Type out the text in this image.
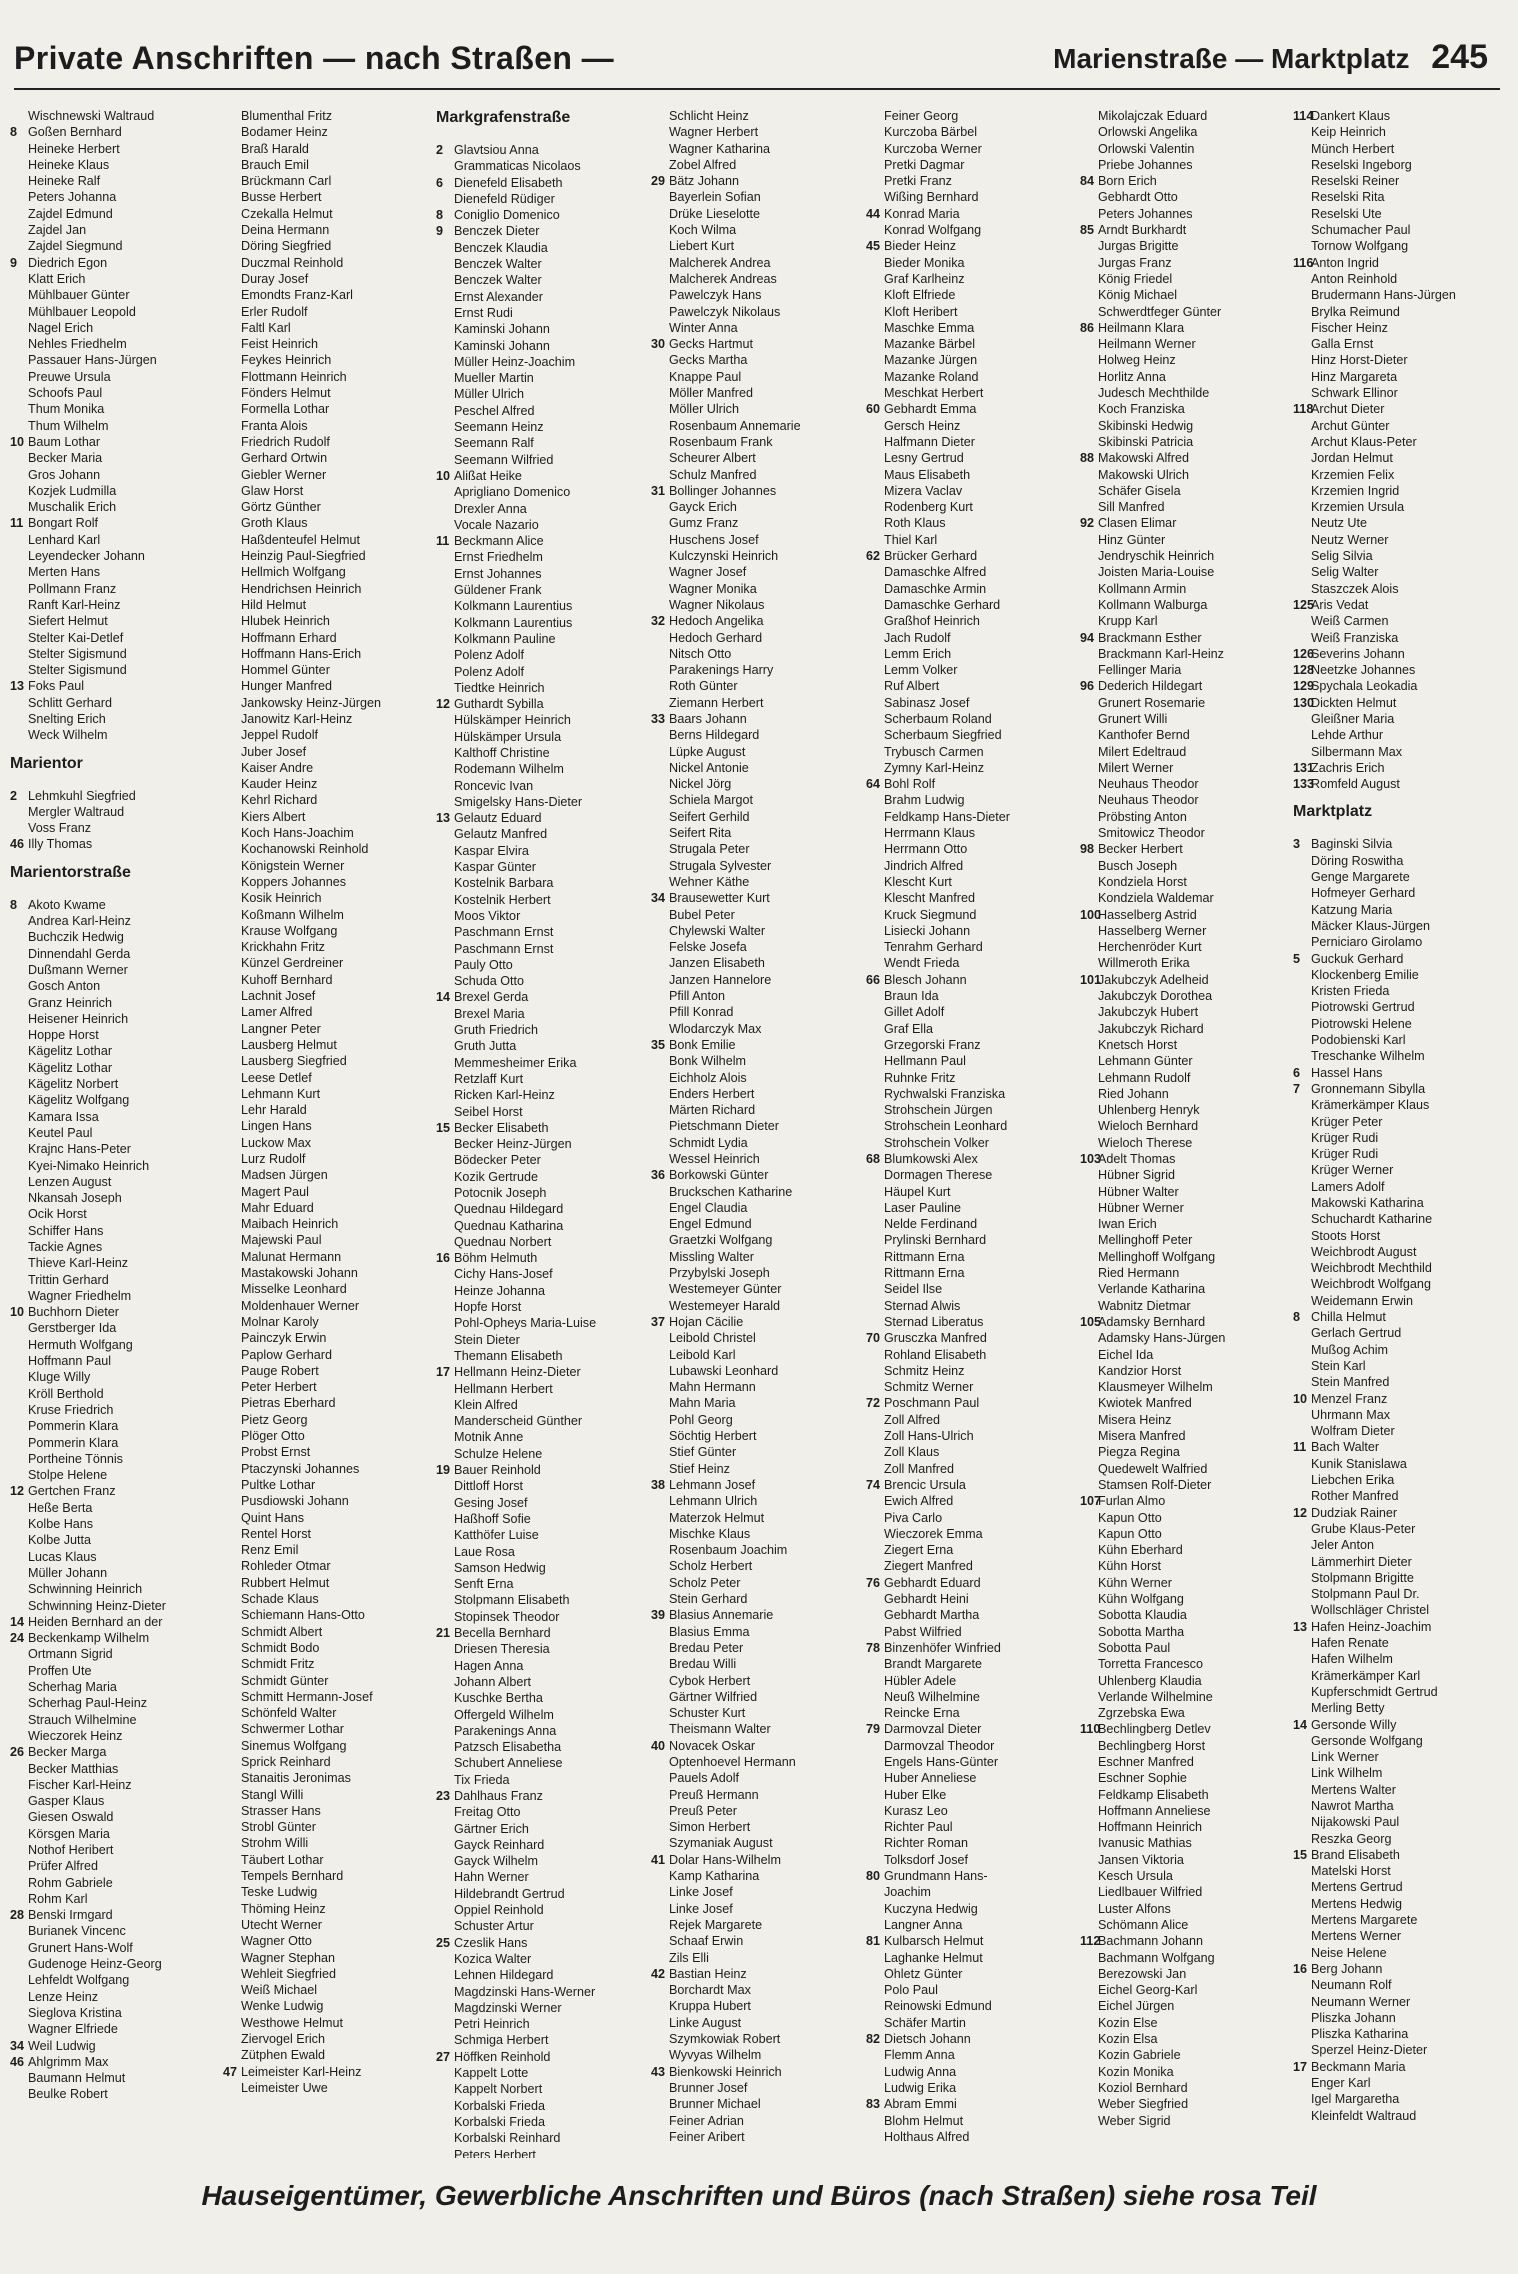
Private Anschriften — nach Straßen —	Marienstraße — Marktplatz 245
Wischnewski Waltraud
8 Goßen Bernhard
Heineke Herbert
Heineke Klaus
Heineke Ralf
Peters Johanna
Zajdel Edmund
Zajdel Jan
Zajdel Siegmund
9 Diedrich Egon
Klatt Erich
Mühlbauer Günter
Mühlbauer Leopold
Nagel Erich
Nehles Friedhelm
Passauer Hans-Jürgen
Preuwe Ursula
Schoofs Paul
Thum Monika
Thum Wilhelm
10 Baum Lothar
Becker Maria
Gros Johann
Kozjek Ludmilla
Muschalik Erich
11 Bongart Rolf
Lenhard Karl
Leyendecker Johann
Merten Hans
Pollmann Franz
Ranft Karl-Heinz
Siefert Helmut
Stelter Kai-Detlef
Stelter Sigismund
Stelter Sigismund
13 Foks Paul
Schlitt Gerhard
Snelting Erich
Weck Wilhelm
Marientor
2 Lehmkuhl Siegfried
Mergler Waltraud
Voss Franz
46 Illy Thomas
Marientorstraße
8 Akoto Kwame
Andrea Karl-Heinz
Buchczik Hedwig
Dinnendahl Gerda
Dußmann Werner
Gosch Anton
Granz Heinrich
Heisener Heinrich
Hoppe Horst
Kägelitz Lothar
Kägelitz Lothar
Kägelitz Norbert
Kägelitz Wolfgang
Kamara Issa
Keutel Paul
Krajnc Hans-Peter
Kyei-Nimako Heinrich
Lenzen August
Nkansah Joseph
Ocik Horst
Schiffer Hans
Tackie Agnes
Thieve Karl-Heinz
Trittin Gerhard
Wagner Friedhelm
10 Buchhorn Dieter
Gerstberger Ida
Hermuth Wolfgang
Hoffmann Paul
Kluge Willy
Kröll Berthold
Kruse Friedrich
Pommerin Klara
Pommerin Klara
Portheine Tönnis
Stolpe Helene
12 Gertchen Franz
Heße Berta
Kolbe Hans
Kolbe Jutta
Lucas Klaus
Müller Johann
Schwinning Heinrich
Schwinning Heinz-Dieter
14 Heiden Bernhard an der
24 Beckenkamp Wilhelm
Ortmann Sigrid
Proffen Ute
Scherhag Maria
Scherhag Paul-Heinz
Strauch Wilhelmine
Wieczorek Heinz
26 Becker Marga
Becker Matthias
Fischer Karl-Heinz
Gasper Klaus
Giesen Oswald
Körsgen Maria
Nothof Heribert
Prüfer Alfred
Rohm Gabriele
Rohm Karl
28 Benski Irmgard
Burianek Vincenc
Grunert Hans-Wolf
Gudenoge Heinz-Georg
Lehfeldt Wolfgang
Lenze Heinz
Sieglova Kristina
Wagner Elfriede
34 Weil Ludwig
46 Ahlgrimm Max
Baumann Helmut
Beulke Robert
Blumenthal Fritz
Bodamer Heinz
Braß Harald
Brauch Emil
Brückmann Carl
Busse Herbert
Czekalla Helmut
Deina Hermann
Döring Siegfried
Duczmal Reinhold
Duray Josef
Emondts Franz-Karl
Erler Rudolf
Faltl Karl
Feist Heinrich
Feykes Heinrich
Flottmann Heinrich
Fönders Helmut
Formella Lothar
Franta Alois
Friedrich Rudolf
Gerhard Ortwin
Giebler Werner
Glaw Horst
Görtz Günther
Groth Klaus
Haßdenteufel Helmut
Heinzig Paul-Siegfried
Hellmich Wolfgang
Hendrichsen Heinrich
Hild Helmut
Hlubek Heinrich
Hoffmann Erhard
Hoffmann Hans-Erich
Hommel Günter
Hunger Manfred
Jankowsky Heinz-Jürgen
Janowitz Karl-Heinz
Jeppel Rudolf
Juber Josef
Kaiser Andre
Kauder Heinz
Kehrl Richard
Kiers Albert
Koch Hans-Joachim
Kochanowski Reinhold
Königstein Werner
Koppers Johannes
Kosik Heinrich
Koßmann Wilhelm
Krause Wolfgang
Krickhahn Fritz
Künzel Gerdreiner
Kuhoff Bernhard
Lachnit Josef
Lamer Alfred
Langner Peter
Lausberg Helmut
Lausberg Siegfried
Leese Detlef
Lehmann Kurt
Lehr Harald
Lingen Hans
Luckow Max
Lurz Rudolf
Madsen Jürgen
Magert Paul
Mahr Eduard
Maibach Heinrich
Majewski Paul
Malunat Hermann
Mastakowski Johann
Misselke Leonhard
Moldenhauer Werner
Molnar Karoly
Painczyk Erwin
Paplow Gerhard
Pauge Robert
Peter Herbert
Pietras Eberhard
Pietz Georg
Plöger Otto
Probst Ernst
Ptaczynski Johannes
Pultke Lothar
Pusdiowski Johann
Quint Hans
Rentel Horst
Renz Emil
Rohleder Otmar
Rubbert Helmut
Schade Klaus
Schiemann Hans-Otto
Schmidt Albert
Schmidt Bodo
Schmidt Fritz
Schmidt Günter
Schmitt Hermann-Josef
Schönfeld Walter
Schwermer Lothar
Sinemus Wolfgang
Sprick Reinhard
Stanaitis Jeronimas
Stangl Willi
Strasser Hans
Strobl Günter
Strohm Willi
Täubert Lothar
Tempels Bernhard
Teske Ludwig
Thöming Heinz
Utecht Werner
Wagner Otto
Wagner Stephan
Wehleit Siegfried
Weiß Michael
Wenke Ludwig
Westhowe Helmut
Ziervogel Erich
Zütphen Ewald
47 Leimeister Karl-Heinz
Leimeister Uwe
Markgrafenstraße
2 Glavtsiou Anna
Grammaticas Nicolaos
6 Dienefeld Elisabeth
Dienefeld Rüdiger
8 Coniglio Domenico
9 Benczek Dieter
Benczek Klaudia
Benczek Walter
Benczek Walter
Ernst Alexander
Ernst Rudi
Kaminski Johann
Kaminski Johann
Müller Heinz-Joachim
Mueller Martin
Müller Ulrich
Peschel Alfred
Seemann Heinz
Seemann Ralf
Seemann Wilfried
10 Alißat Heike
Aprigliano Domenico
Drexler Anna
Vocale Nazario
11 Beckmann Alice
Ernst Friedhelm
Ernst Johannes
Güldener Frank
Kolkmann Laurentius
Kolkmann Laurentius
Kolkmann Pauline
Polenz Adolf
Polenz Adolf
Tiedtke Heinrich
12 Guthardt Sybilla
Hülskämper Heinrich
Hülskämper Ursula
Kalthoff Christine
Rodemann Wilhelm
Roncevic Ivan
Smigelsky Hans-Dieter
13 Gelautz Eduard
Gelautz Manfred
Kaspar Elvira
Kaspar Günter
Kostelnik Barbara
Kostelnik Herbert
Moos Viktor
Paschmann Ernst
Paschmann Ernst
Pauly Otto
Schuda Otto
14 Brexel Gerda
Brexel Maria
Gruth Friedrich
Gruth Jutta
Memmesheimer Erika
Retzlaff Kurt
Ricken Karl-Heinz
Seibel Horst
15 Becker Elisabeth
Becker Heinz-Jürgen
Bödecker Peter
Kozik Gertrude
Potocnik Joseph
Quednau Hildegard
Quednau Katharina
Quednau Norbert
16 Böhm Helmuth
Cichy Hans-Josef
Heinze Johanna
Hopfe Horst
Pohl-Opheys Maria-Luise
Stein Dieter
Themann Elisabeth
17 Hellmann Heinz-Dieter
Hellmann Herbert
Klein Alfred
Manderscheid Günther
Motnik Anne
Schulze Helene
19 Bauer Reinhold
Dittloff Horst
Gesing Josef
Haßhoff Sofie
Katthöfer Luise
Laue Rosa
Samson Hedwig
Senft Erna
Stolpmann Elisabeth
Stopinsek Theodor
21 Becella Bernhard
Driesen Theresia
Hagen Anna
Johann Albert
Kuschke Bertha
Offergeld Wilhelm
Parakenings Anna
Patzsch Elisabetha
Schubert Anneliese
Tix Frieda
23 Dahlhaus Franz
Freitag Otto
Gärtner Erich
Gayck Reinhard
Gayck Wilhelm
Hahn Werner
Hildebrandt Gertrud
Oppiel Reinhold
Schuster Artur
25 Czeslik Hans
Kozica Walter
Lehnen Hildegard
Magdzinski Hans-Werner
Magdzinski Werner
Petri Heinrich
Schmiga Herbert
27 Höffken Reinhold
Kappelt Lotte
Kappelt Norbert
Korbalski Frieda
Korbalski Frieda
Korbalski Reinhard
Peters Herbert
Schlicht Heinz
Wagner Herbert
Wagner Katharina
Zobel Alfred
29 Bätz Johann
Bayerlein Sofian
Drüke Lieselotte
Koch Wilma
Liebert Kurt
Malcherek Andrea
Malcherek Andreas
Pawelczyk Hans
Pawelczyk Nikolaus
Winter Anna
30 Gecks Hartmut
Gecks Martha
Knappe Paul
Möller Manfred
Möller Ulrich
Rosenbaum Annemarie
Rosenbaum Frank
Scheurer Albert
Schulz Manfred
31 Bollinger Johannes
Gayck Erich
Gumz Franz
Huschens Josef
Kulczynski Heinrich
Wagner Josef
Wagner Monika
Wagner Nikolaus
32 Hedoch Angelika
Hedoch Gerhard
Nitsch Otto
Parakenings Harry
Roth Günter
Ziemann Herbert
33 Baars Johann
Berns Hildegard
Lüpke August
Nickel Antonie
Nickel Jörg
Schiela Margot
Seifert Gerhild
Seifert Rita
Strugala Peter
Strugala Sylvester
Wehner Käthe
34 Brausewetter Kurt
Bubel Peter
Chylewski Walter
Felske Josefa
Janzen Elisabeth
Janzen Hannelore
Pfill Anton
Pfill Konrad
Wlodarczyk Max
35 Bonk Emilie
Bonk Wilhelm
Eichholz Alois
Enders Herbert
Märten Richard
Pietschmann Dieter
Schmidt Lydia
Wessel Heinrich
36 Borkowski Günter
Bruckschen Katharine
Engel Claudia
Engel Edmund
Graetzki Wolfgang
Missling Walter
Przybylski Joseph
Westemeyer Günter
Westemeyer Harald
37 Hojan Cäcilie
Leibold Christel
Leibold Karl
Lubawski Leonhard
Mahn Hermann
Mahn Maria
Pohl Georg
Söchtig Herbert
Stief Günter
Stief Heinz
38 Lehmann Josef
Lehmann Ulrich
Materzok Helmut
Mischke Klaus
Rosenbaum Joachim
Scholz Herbert
Scholz Peter
Stein Gerhard
39 Blasius Annemarie
Blasius Emma
Bredau Peter
Bredau Willi
Cybok Herbert
Gärtner Wilfried
Schuster Kurt
Theismann Walter
40 Novacek Oskar
Optenhoevel Hermann
Pauels Adolf
Preuß Hermann
Preuß Peter
Simon Herbert
Szymaniak August
41 Dolar Hans-Wilhelm
Kamp Katharina
Linke Josef
Linke Josef
Rejek Margarete
Schaaf Erwin
Zils Elli
42 Bastian Heinz
Borchardt Max
Kruppa Hubert
Linke August
Szymkowiak Robert
Wyvyas Wilhelm
43 Bienkowski Heinrich
Brunner Josef
Brunner Michael
Feiner Adrian
Feiner Aribert
Feiner Georg
Kurczoba Bärbel
Kurczoba Werner
Pretki Dagmar
Pretki Franz
Wißing Bernhard
44 Konrad Maria
Konrad Wolfgang
45 Bieder Heinz
Bieder Monika
Graf Karlheinz
Kloft Elfriede
Kloft Heribert
Maschke Emma
Mazanke Bärbel
Mazanke Jürgen
Mazanke Roland
Meschkat Herbert
60 Gebhardt Emma
Gersch Heinz
Halfmann Dieter
Lesny Gertrud
Maus Elisabeth
Mizera Vaclav
Rodenberg Kurt
Roth Klaus
Thiel Karl
62 Brücker Gerhard
Damaschke Alfred
Damaschke Armin
Damaschke Gerhard
Graßhof Heinrich
Jach Rudolf
Lemm Erich
Lemm Volker
Ruf Albert
Sabinasz Josef
Scherbaum Roland
Scherbaum Siegfried
Trybusch Carmen
Zymny Karl-Heinz
64 Bohl Rolf
Brahm Ludwig
Feldkamp Hans-Dieter
Herrmann Klaus
Herrmann Otto
Jindrich Alfred
Klescht Kurt
Klescht Manfred
Kruck Siegmund
Lisiecki Johann
Tenrahm Gerhard
Wendt Frieda
66 Blesch Johann
Braun Ida
Gillet Adolf
Graf Ella
Grzegorski Franz
Hellmann Paul
Ruhnke Fritz
Rychwalski Franziska
Strohschein Jürgen
Strohschein Leonhard
Strohschein Volker
68 Blumkowski Alex
Dormagen Therese
Häupel Kurt
Laser Pauline
Nelde Ferdinand
Prylinski Bernhard
Rittmann Erna
Rittmann Erna
Seidel Ilse
Sternad Alwis
Sternad Liberatus
70 Grusczka Manfred
Rohland Elisabeth
Schmitz Heinz
Schmitz Werner
72 Poschmann Paul
Zoll Alfred
Zoll Hans-Ulrich
Zoll Klaus
Zoll Manfred
74 Brencic Ursula
Ewich Alfred
Piva Carlo
Wieczorek Emma
Ziegert Erna
Ziegert Manfred
76 Gebhardt Eduard
Gebhardt Heini
Gebhardt Martha
Pabst Wilfried
78 Binzenhöfer Winfried
Brandt Margarete
Hübler Adele
Neuß Wilhelmine
Reincke Erna
79 Darmovzal Dieter
Darmovzal Theodor
Engels Hans-Günter
Huber Anneliese
Huber Elke
Kurasz Leo
Richter Paul
Richter Roman
Tolksdorf Josef
80 Grundmann Hans-
Joachim
Kuczyna Hedwig
Langner Anna
81 Kulbarsch Helmut
Laghanke Helmut
Ohletz Günter
Polo Paul
Reinowski Edmund
Schäfer Martin
82 Dietsch Johann
Flemm Anna
Ludwig Anna
Ludwig Erika
83 Abram Emmi
Blohm Helmut
Holthaus Alfred
Mikolajczak Eduard
Orlowski Angelika
Orlowski Valentin
Priebe Johannes
84 Born Erich
Gebhardt Otto
Peters Johannes
85 Arndt Burkhardt
Jurgas Brigitte
Jurgas Franz
König Friedel
König Michael
Schwerdtfeger Günter
86 Heilmann Klara
Heilmann Werner
Holweg Heinz
Horlitz Anna
Judesch Mechthilde
Koch Franziska
Skibinski Hedwig
Skibinski Patricia
88 Makowski Alfred
Makowski Ulrich
Schäfer Gisela
Sill Manfred
92 Clasen Elimar
Hinz Günter
Jendryschik Heinrich
Joisten Maria-Louise
Kollmann Armin
Kollmann Walburga
Krupp Karl
94 Brackmann Esther
Brackmann Karl-Heinz
Fellinger Maria
96 Dederich Hildegart
Grunert Rosemarie
Grunert Willi
Kanthofer Bernd
Milert Edeltraud
Milert Werner
Neuhaus Theodor
Neuhaus Theodor
Pröbsting Anton
Smitowicz Theodor
98 Becker Herbert
Busch Joseph
Kondziela Horst
Kondziela Waldemar
100
Hasselberg Astrid
Hasselberg Werner
Herchenröder Kurt
Willmeroth Erika
101
Jakubczyk Adelheid
Jakubczyk Dorothea
Jakubczyk Hubert
Jakubczyk Richard
Knetsch Horst
Lehmann Günter
Lehmann Rudolf
Ried Johann
Uhlenberg Henryk
Wieloch Bernhard
Wieloch Therese
103
Adelt Thomas
Hübner Sigrid
Hübner Walter
Hübner Werner
Iwan Erich
Mellinghoff Peter
Mellinghoff Wolfgang
Ried Hermann
Verlande Katharina
Wabnitz Dietmar
105
Adamsky Bernhard
Adamsky Hans-Jürgen
Eichel Ida
Kandzior Horst
Klausmeyer Wilhelm
Kwiotek Manfred
Misera Heinz
Misera Manfred
Piegza Regina
Quedewelt Walfried
Stamsen Rolf-Dieter
107
Furlan Almo
Kapun Otto
Kapun Otto
Kühn Eberhard
Kühn Horst
Kühn Werner
Kühn Wolfgang
Sobotta Klaudia
Sobotta Martha
Sobotta Paul
Torretta Francesco
Uhlenberg Klaudia
Verlande Wilhelmine
Zgrzebska Ewa
110
Bechlingberg Detlev
Bechlingberg Horst
Eschner Manfred
Eschner Sophie
Feldkamp Elisabeth
Hoffmann Anneliese
Hoffmann Heinrich
Ivanusic Mathias
Jansen Viktoria
Kesch Ursula
Liedlbauer Wilfried
Luster Alfons
Schömann Alice
112
Bachmann Johann
Bachmann Wolfgang
Berezowski Jan
Eichel Georg-Karl
Eichel Jürgen
Kozin Else
Kozin Elsa
Kozin Gabriele
Kozin Monika
Koziol Bernhard
Weber Siegfried
Weber Sigrid
114
Dankert Klaus
Keip Heinrich
Münch Herbert
Reselski Ingeborg
Reselski Reiner
Reselski Rita
Reselski Ute
Schumacher Paul
Tornow Wolfgang
116
Anton Ingrid
Anton Reinhold
Brudermann Hans-Jürgen
Brylka Reimund
Fischer Heinz
Galla Ernst
Hinz Horst-Dieter
Hinz Margareta
Schwark Ellinor
118
Archut Dieter
Archut Günter
Archut Klaus-Peter
Jordan Helmut
Krzemien Felix
Krzemien Ingrid
Krzemien Ursula
Neutz Ute
Neutz Werner
Selig Silvia
Selig Walter
Staszczek Alois
125
Aris Vedat
Weiß Carmen
Weiß Franziska
126
Severins Johann
128
Neetzke Johannes
129
Spychala Leokadia
130
Dickten Helmut
Gleißner Maria
Lehde Arthur
Silbermann Max
131
Zachris Erich
133
Romfeld August
Marktplatz
3 Baginski Silvia
Döring Roswitha
Genge Margarete
Hofmeyer Gerhard
Katzung Maria
Mäcker Klaus-Jürgen
Perniciaro Girolamo
5 Guckuk Gerhard
Klockenberg Emilie
Kristen Frieda
Piotrowski Gertrud
Piotrowski Helene
Podobienski Karl
Treschanke Wilhelm
6 Hassel Hans
7 Gronnemann Sibylla
Krämerkämper Klaus
Krüger Peter
Krüger Rudi
Krüger Rudi
Krüger Werner
Lamers Adolf
Makowski Katharina
Schuchardt Katharine
Stoots Horst
Weichbrodt August
Weichbrodt Mechthild
Weichbrodt Wolfgang
Weidemann Erwin
8 Chilla Helmut
Gerlach Gertrud
Mußog Achim
Stein Karl
Stein Manfred
10 Menzel Franz
Uhrmann Max
Wolfram Dieter
11 Bach Walter
Kunik Stanislawa
Liebchen Erika
Rother Manfred
12 Dudziak Rainer
Grube Klaus-Peter
Jeler Anton
Lämmerhirt Dieter
Stolpmann Brigitte
Stolpmann Paul Dr.
Wollschläger Christel
13 Hafen Heinz-Joachim
Hafen Renate
Hafen Wilhelm
Krämerkämper Karl
Kupferschmidt Gertrud
Merling Betty
14 Gersonde Willy
Gersonde Wolfgang
Link Werner
Link Wilhelm
Mertens Walter
Nawrot Martha
Nijakowski Paul
Reszka Georg
15 Brand Elisabeth
Matelski Horst
Mertens Gertrud
Mertens Hedwig
Mertens Margarete
Mertens Werner
Neise Helene
16 Berg Johann
Neumann Rolf
Neumann Werner
Pliszka Johann
Pliszka Katharina
Sperzel Heinz-Dieter
17 Beckmann Maria
Enger Karl
Igel Margaretha
Kleinfeldt Waltraud
Hauseigentümer, Gewerbliche Anschriften und Büros (nach Straßen) siehe rosa Teil
